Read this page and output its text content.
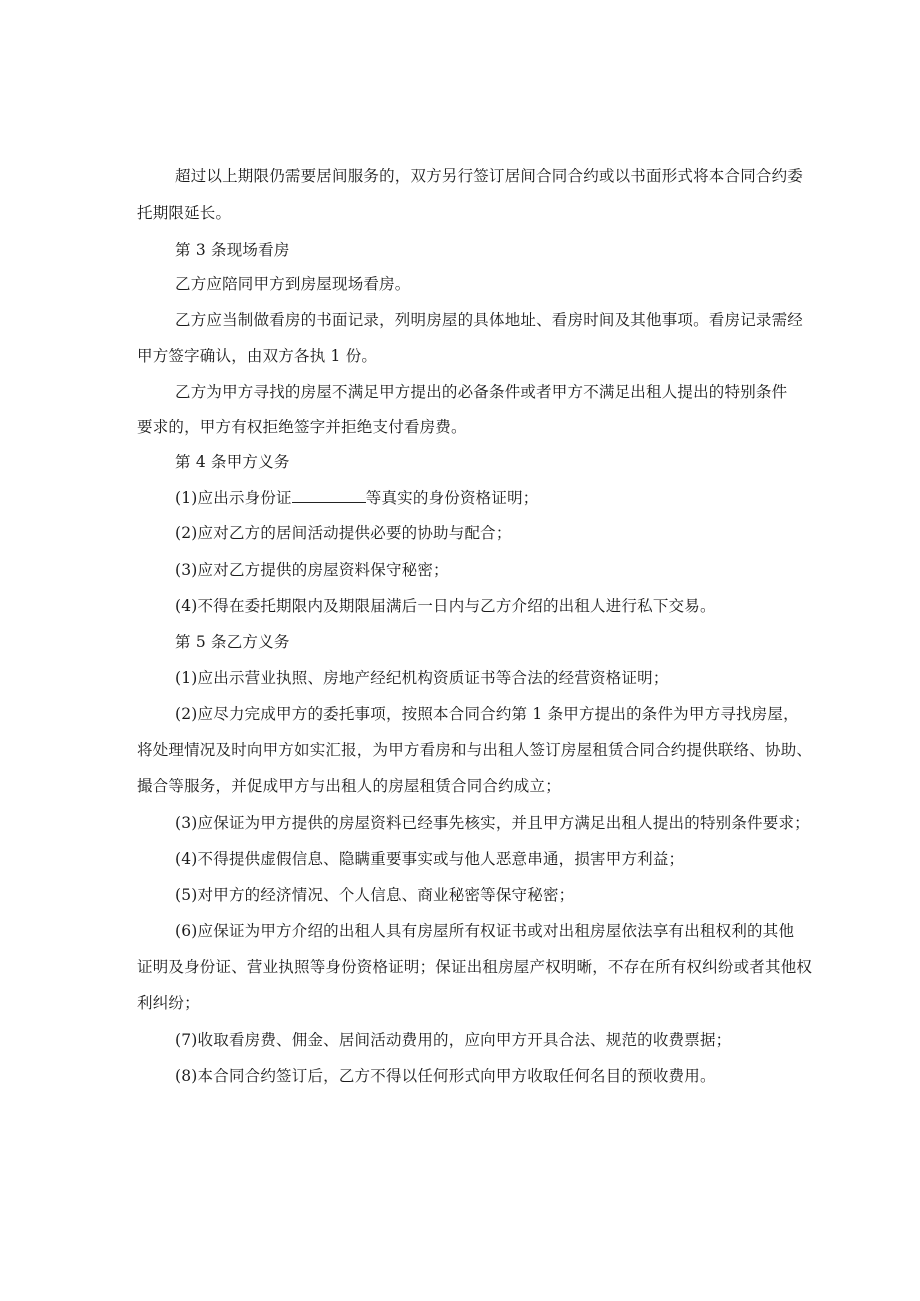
超过以上期限仍需要居间服务的，双方另行签订居间合同合约或以书面形式将本合同合约委
托期限延长。
第 3 条现场看房
乙方应陪同甲方到房屋现场看房。
乙方应当制做看房的书面记录，列明房屋的具体地址、看房时间及其他事项。看房记录需经
甲方签字确认，由双方各执 1 份。
乙方为甲方寻找的房屋不满足甲方提出的必备条件或者甲方不满足出租人提出的特别条件
要求的，甲方有权拒绝签字并拒绝支付看房费。
第 4 条甲方义务
(1)应出示身份证	等真实的身份资格证明；
(2)应对乙方的居间活动提供必要的协助与配合；
(3)应对乙方提供的房屋资料保守秘密；
(4)不得在委托期限内及期限届满后一日内与乙方介绍的出租人进行私下交易。
第 5 条乙方义务
(1)应出示营业执照、房地产经纪机构资质证书等合法的经营资格证明；
(2)应尽力完成甲方的委托事项，按照本合同合约第 1 条甲方提出的条件为甲方寻找房屋，
将处理情况及时向甲方如实汇报，为甲方看房和与出租人签订房屋租赁合同合约提供联络、协助、
撮合等服务，并促成甲方与出租人的房屋租赁合同合约成立；
(3)应保证为甲方提供的房屋资料已经事先核实，并且甲方满足出租人提出的特别条件要求；
(4)不得提供虚假信息、隐瞒重要事实或与他人恶意串通，损害甲方利益；
(5)对甲方的经济情况、个人信息、商业秘密等保守秘密；
(6)应保证为甲方介绍的出租人具有房屋所有权证书或对出租房屋依法享有出租权利的其他
证明及身份证、营业执照等身份资格证明；保证出租房屋产权明晰，不存在所有权纠纷或者其他权
利纠纷；
(7)收取看房费、佣金、居间活动费用的，应向甲方开具合法、规范的收费票据；
(8)本合同合约签订后，乙方不得以任何形式向甲方收取任何名目的预收费用。
